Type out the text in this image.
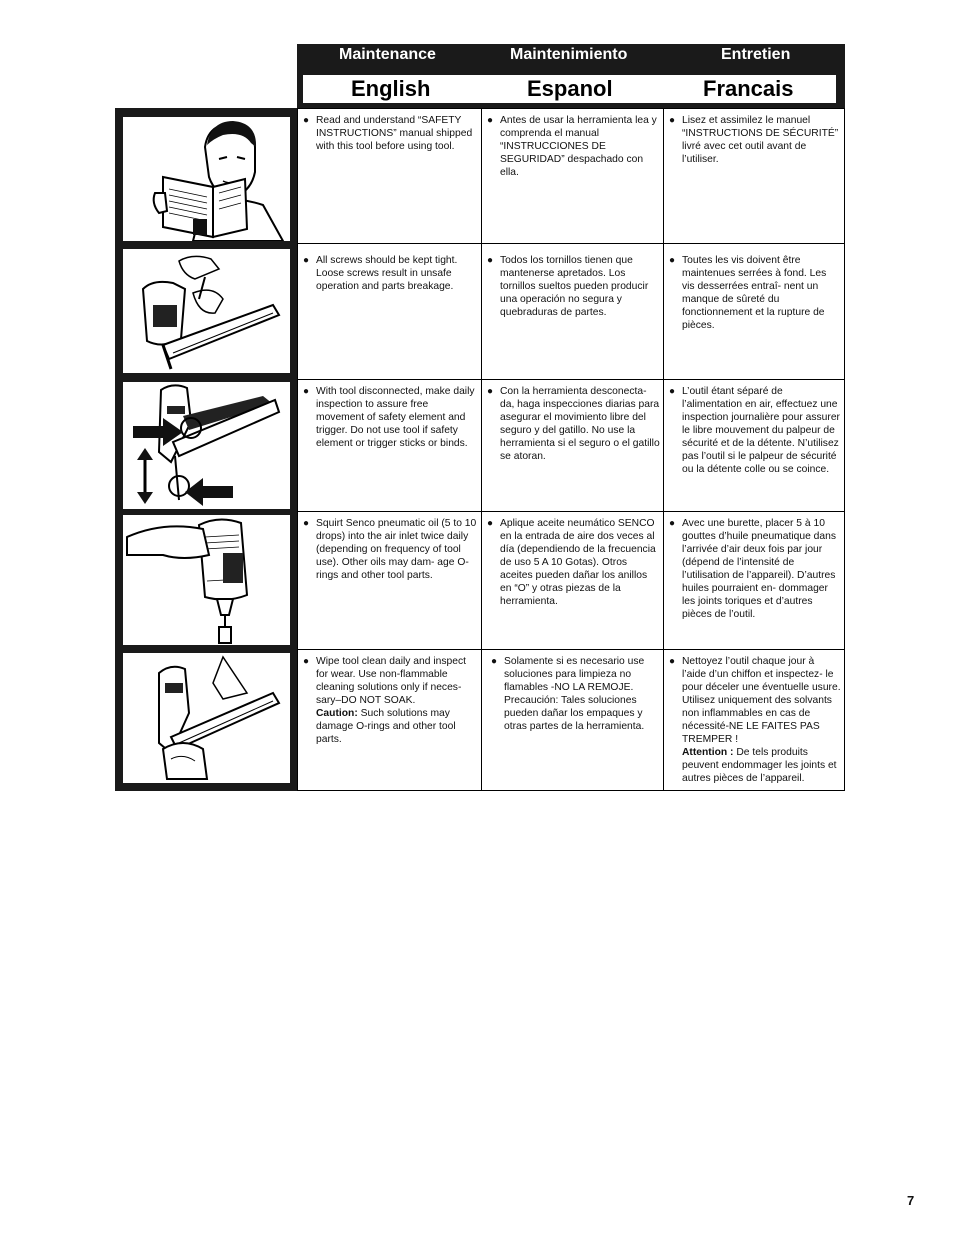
Maintenance	Maintenimiento	Entretien
English	Espanol	Francais
● Read and understand “SAFETY INSTRUCTIONS” manual shipped with this tool before using tool.
● Antes de usar la herramienta lea y comprenda el manual “INSTRUCCIONES DE SEGURIDAD” despachado con ella.
● Lisez et assimilez le manuel “INSTRUCTIONS DE SÉCURITÉ” livré avec cet outil avant de l’utiliser.
● All screws should be kept tight. Loose screws result in unsafe operation and parts breakage.
● Todos los tornillos tienen que mantenerse apretados. Los tornillos sueltos pueden producir una operación no segura y quebraduras de partes.
● Toutes les vis doivent être maintenues serrées à fond. Les vis desserrées entraî- nent un manque de sûreté du fonctionnement et la rupture de pièces.
● With tool disconnected, make daily inspection to assure free movement of safety element and trigger. Do not use tool if safety element or trigger sticks or binds.
● Con la herramienta desconecta- da, haga inspecciones diarias para asegurar el movimiento libre del seguro y del gatillo. No use la herramienta si el seguro o el gatillo se atoran.
● L’outil étant séparé de l’alimentation en air, effectuez une inspection journalière pour assurer le libre mouvement du palpeur de sécurité et de la détente. N’utilisez pas l’outil si le palpeur de sécurité ou la détente colle ou se coince.
● Squirt Senco pneumatic oil (5 to 10 drops) into the air inlet twice daily (depending on frequency of tool use). Other oils may dam- age O-rings and other tool parts.
● Aplique aceite neumático SENCO en la entrada de aire dos veces al día (dependiendo de la frecuencia de uso 5 A 10 Gotas). Otros aceites pueden dañar los anillos en “O” y otras piezas de la herramienta.
● Avec une burette, placer 5 à 10 gouttes d’huile pneumatique dans l’arrivée d’air deux fois par jour (dépend de l’intensité de l’utilisation de l’appareil). D’autres huiles pourraient en- dommager les joints toriques et d’autres pièces de l’outil.
● Wipe tool clean daily and inspect for wear. Use non-flammable cleaning solutions only if neces- sary–DO NOT SOAK.
Caution: Such solutions may damage O-rings and other tool parts.
● Solamente si es necesario use soluciones para limpieza no flamables -NO LA REMOJE. Precaución: Tales soluciones pueden dañar los empaques y otras partes de la herramienta.
● Nettoyez l’outil chaque jour à l’aide d’un chiffon et inspectez- le pour déceler une éventuelle usure. Utilisez uniquement des solvants non inflammables en cas de nécessité-NE LE FAITES PAS TREMPER !
Attention : De tels produits peuvent endommager les joints et autres pièces de l’appareil.
7
